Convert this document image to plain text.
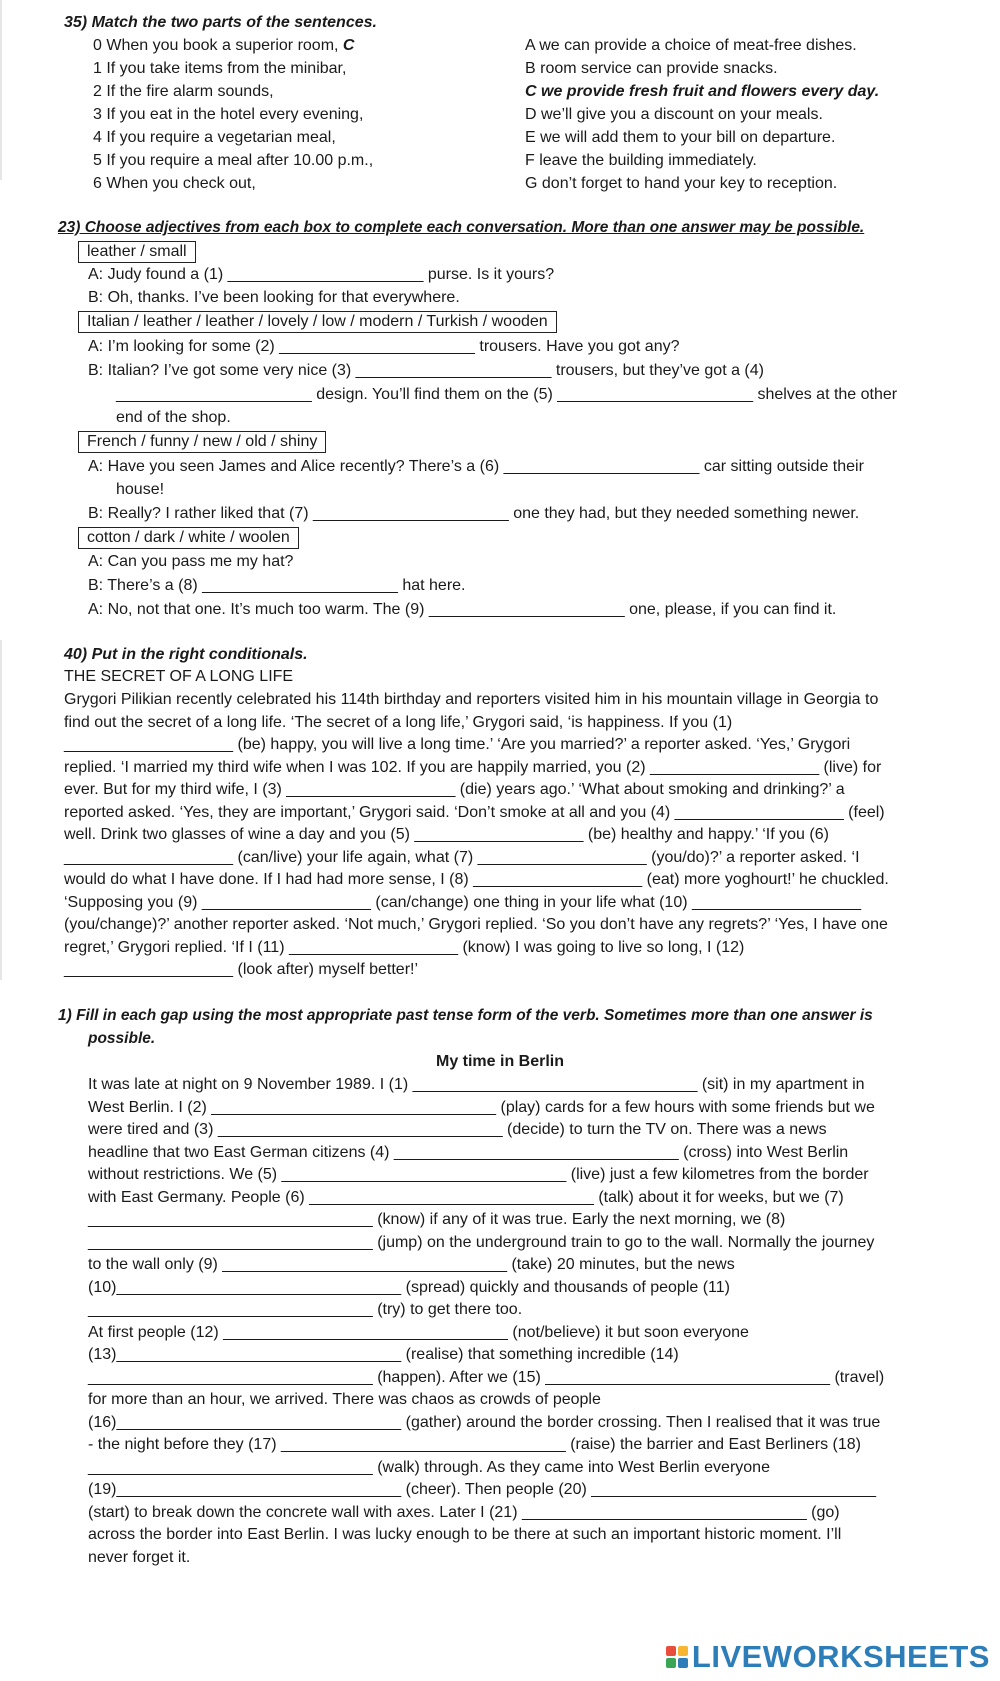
35) Match the two parts of the sentences.
0 When you book a superior room, C
1 If you take items from the minibar,
2 If the fire alarm sounds,
3 If you eat in the hotel every evening,
4 If you require a vegetarian meal,
5 If you require a meal after 10.00 p.m.,
6 When you check out,
A we can provide a choice of meat-free dishes.
B room service can provide snacks.
C we provide fresh fruit and flowers every day.
D we’ll give you a discount on your meals.
E we will add them to your bill on departure.
F leave the building immediately.
G don’t forget to hand your key to reception.
23) Choose adjectives from each box to complete each conversation. More than one answer may be possible.
leather / small
A: Judy found a (1) ______________________ purse. Is it yours?
B: Oh, thanks. I’ve been looking for that everywhere.
Italian / leather / leather / lovely / low / modern / Turkish / wooden
A: I’m looking for some (2) ______________________ trousers. Have you got any?
B: Italian? I’ve got some very nice (3) ______________________ trousers, but they’ve got a (4)
______________________ design. You’ll find them on the (5) ______________________ shelves at the other
end of the shop.
French / funny / new / old / shiny
A: Have you seen James and Alice recently? There’s a (6) ______________________ car sitting outside their
house!
B: Really? I rather liked that (7) ______________________ one they had, but they needed something newer.
cotton / dark / white / woolen
A: Can you pass me my hat?
B: There’s a (8) ______________________ hat here.
A: No, not that one. It’s much too warm. The (9) ______________________ one, please, if you can find it.
40) Put in the right conditionals.
THE SECRET OF A LONG LIFE
Grygori Pilikian recently celebrated his 114th birthday and reporters visited him in his mountain village in Georgia to
find out the secret of a long life. ‘The secret of a long life,’ Grygori said, ‘is happiness. If you (1)
___________________ (be) happy, you will live a long time.’ ‘Are you married?’ a reporter asked. ‘Yes,’ Grygori
replied. ‘I married my third wife when I was 102. If you are happily married, you (2) ___________________ (live) for
ever. But for my third wife, I (3) ___________________ (die) years ago.’ ‘What about smoking and drinking?’ a
reported asked. ‘Yes, they are important,’ Grygori said. ‘Don’t smoke at all and you (4) ___________________ (feel)
well. Drink two glasses of wine a day and you (5) ___________________ (be) healthy and happy.’ ‘If you (6)
___________________ (can/live) your life again, what (7) ___________________ (you/do)?’ a reporter asked. ‘I
would do what I have done. If I had had more sense, I (8) ___________________ (eat) more yoghourt!’ he chuckled.
‘Supposing you (9) ___________________ (can/change) one thing in your life what (10) ___________________
(you/change)?’ another reporter asked. ‘Not much,’ Grygori replied. ‘So you don’t have any regrets?’ ‘Yes, I have one
regret,’ Grygori replied. ‘If I (11) ___________________ (know) I was going to live so long, I (12)
___________________ (look after) myself better!’
1) Fill in each gap using the most appropriate past tense form of the verb. Sometimes more than one answer is
possible.
My time in Berlin
It was late at night on 9 November 1989. I (1) ________________________________ (sit) in my apartment in
West Berlin. I (2) ________________________________ (play) cards for a few hours with some friends but we
were tired and (3) ________________________________ (decide) to turn the TV on. There was a news
headline that two East German citizens (4) ________________________________ (cross) into West Berlin
without restrictions. We (5) ________________________________ (live) just a few kilometres from the border
with East Germany. People (6) ________________________________ (talk) about it for weeks, but we (7)
________________________________ (know) if any of it was true. Early the next morning, we (8)
________________________________ (jump) on the underground train to go to the wall. Normally the journey
to the wall only (9) ________________________________ (take) 20 minutes, but the news
(10)________________________________ (spread) quickly and thousands of people (11)
________________________________ (try) to get there too.
At first people (12) ________________________________ (not/believe) it but soon everyone
(13)________________________________ (realise) that something incredible (14)
________________________________ (happen). After we (15) ________________________________ (travel)
for more than an hour, we arrived. There was chaos as crowds of people
(16)________________________________ (gather) around the border crossing. Then I realised that it was true
- the night before they (17) ________________________________ (raise) the barrier and East Berliners (18)
________________________________ (walk) through. As they came into West Berlin everyone
(19)________________________________ (cheer). Then people (20) ________________________________
(start) to break down the concrete wall with axes. Later I (21) ________________________________ (go)
across the border into East Berlin. I was lucky enough to be there at such an important historic moment. I’ll
never forget it.
LIVEWORKSHEETS
